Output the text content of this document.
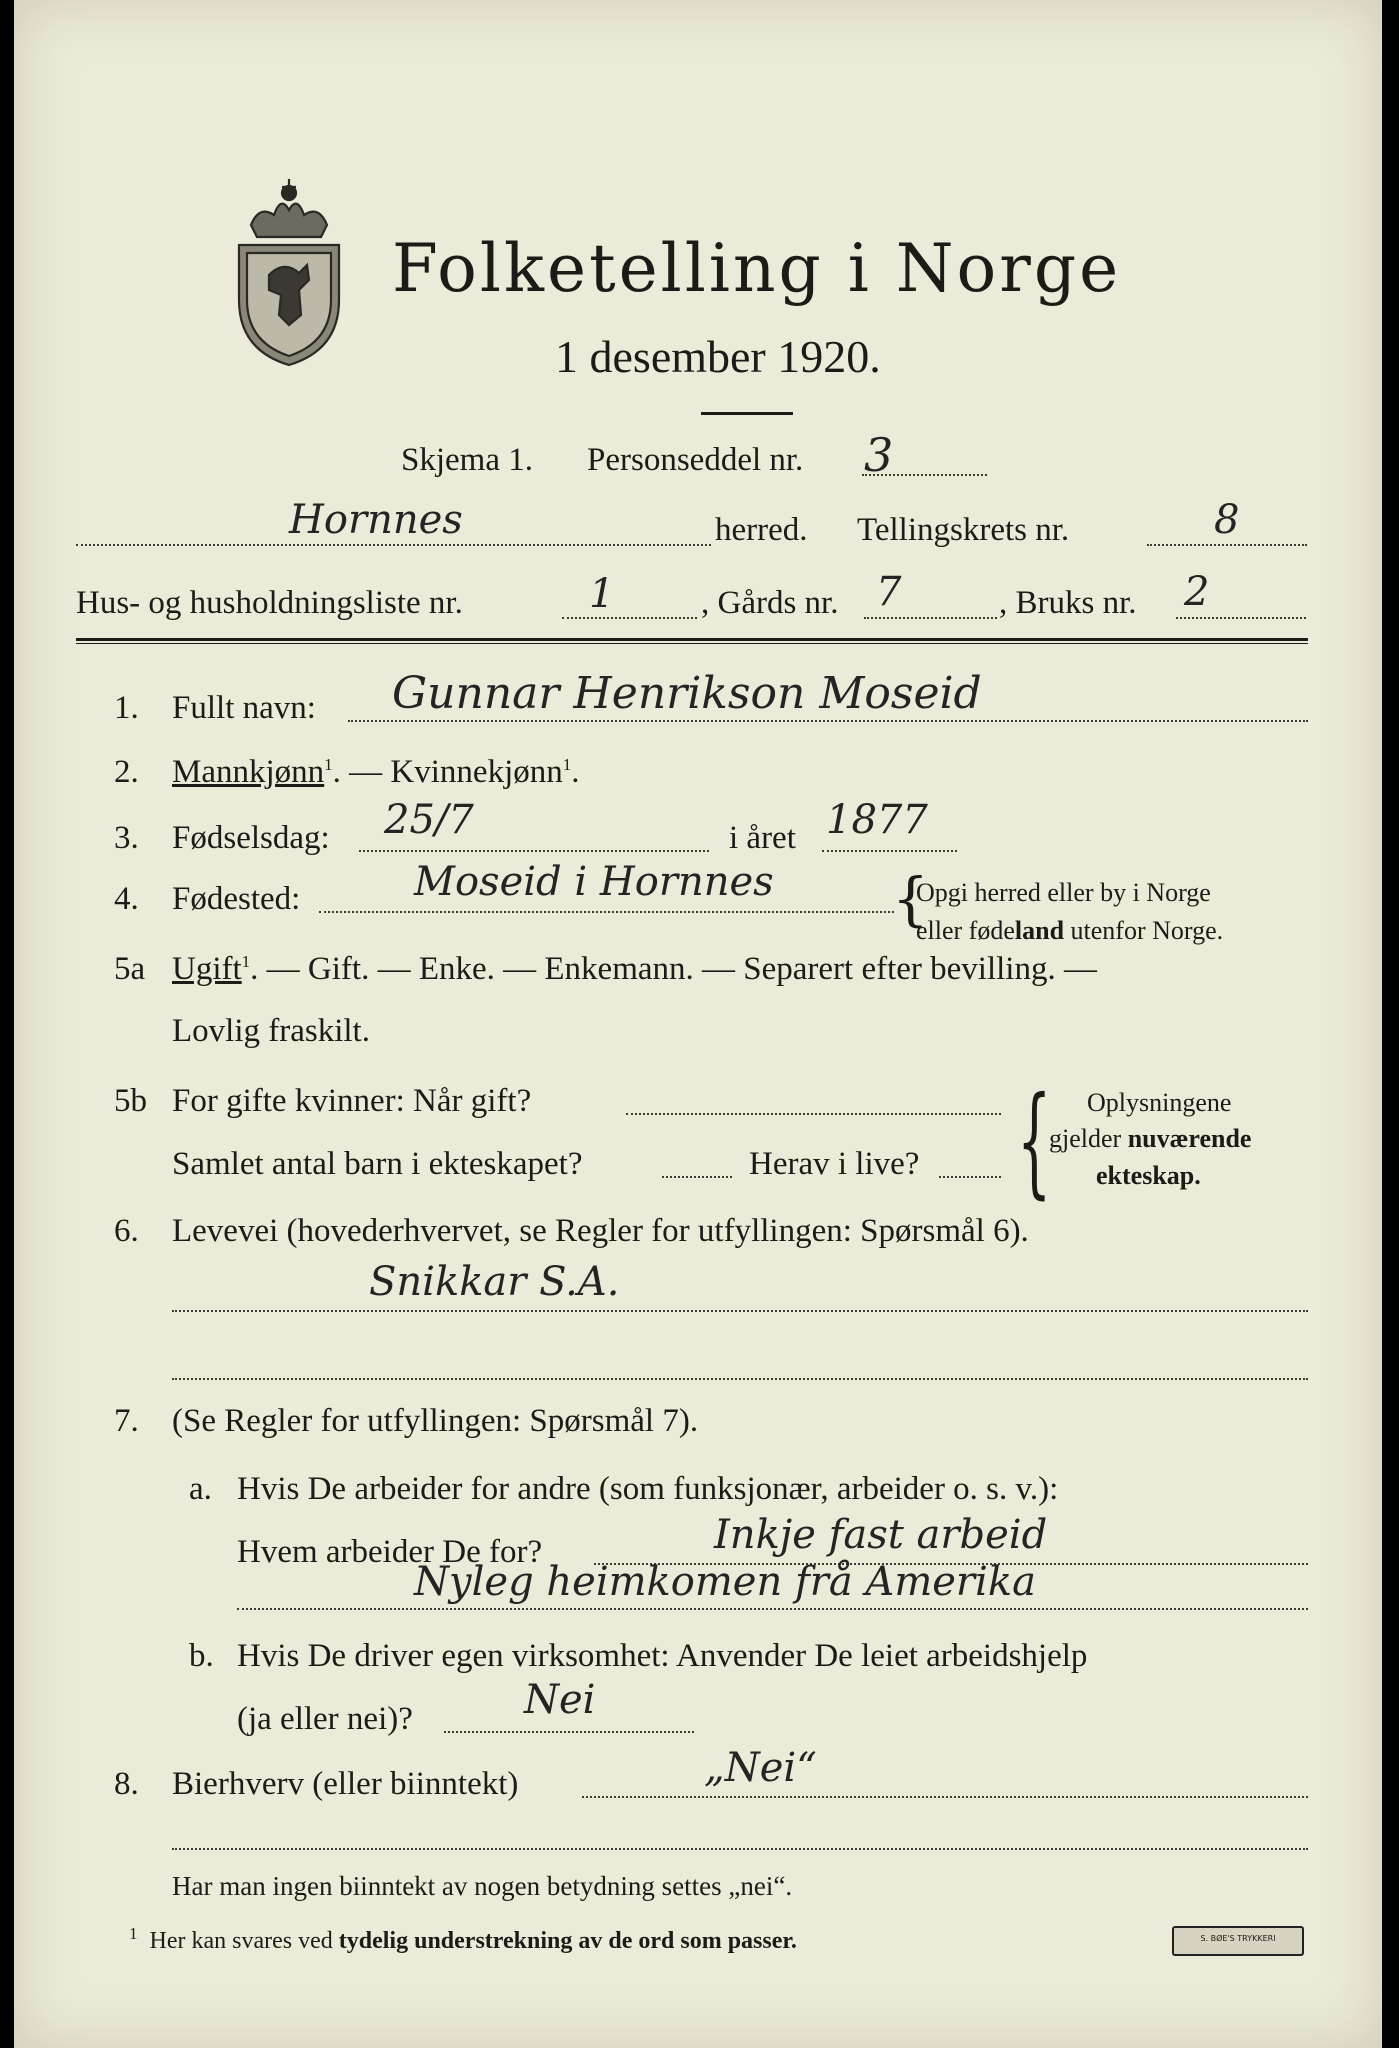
Folketelling i Norge
1 desember 1920.
Skjema 1. Personseddel nr. 3
Hornnes	herred. Tellingskrets nr.	8
Hus- og husholdningsliste nr.	1	, Gårds nr. 7	, Bruks nr. 2
1. Fullt navn: Gunnar Henrikson Moseid
2. Mannkjønn$^1$. — Kvinnekjønn$^1$.
3. Fødselsdag: 25/7	i året 1877
4. Fødested:	Moseid i Hornnes {
Opgi herred eller by i Norge
eller fødeland utenfor Norge.
5a Ugift$^1$. — Gift. — Enke. — Enkemann. — Separert efter bevilling. —
Lovlig fraskilt.
5b For gifte kvinner: Når gift?
Samlet antal barn i ekteskapet?	Herav i live? { Oplysningene
gjelder nuværende
ekteskap.
6. Levevei (hovederhvervet, se Regler for utfyllingen: Spørsmål 6).
Snikkar S.A.
7. (Se Regler for utfyllingen: Spørsmål 7).
a. Hvis De arbeider for andre (som funksjonær, arbeider o. s. v.):
Hvem arbeider De for?	Inkje fast arbeid
Nyleg heimkomen frå Amerika
b. Hvis De driver egen virksomhet: Anvender De leiet arbeidshjelp
(ja eller nei)?	Nei
8. Bierhverv (eller biinntekt)	„Nei“
Har man ingen biinntekt av nogen betydning settes „nei“.
$^1$ Her kan svares ved tydelig understrekning av de ord som passer.	S. BØE'S TRYKKERI
